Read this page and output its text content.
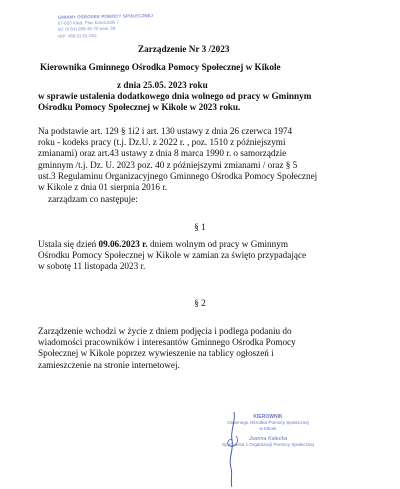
GMINNY OŚRODEK POMOCY SPOŁECZNEJ
87-620 Kikół, Plac Kościuszki 7
tel. (0-54) 289-46-70 wew. 39
NIP: 466-01-81-552
Zarządzenie Nr 3 /2023
Kierownika Gminnego Ośrodka Pomocy Społecznej w Kikole
z dnia 25.05. 2023 roku
w sprawie ustalenia dodatkowego dnia wolnego od pracy w Gminnym
Ośrodku Pomocy Społecznej w Kikole w 2023 roku.
Na podstawie art. 129 § 1i2 i art. 130 ustawy z dnia 26 czerwca 1974
roku - kodeks pracy (t.j. Dz.U. z 2022 r. , poz. 1510 z późniejszymi
zmianami) oraz art.43 ustawy z dnia 8 marca 1990 r. o samorządzie
gminnym /t.j. Dz. U. 2023 poz. 40 z późniejszymi zmianami / oraz § 5
ust.3 Regulaminu Organizacyjnego Gminnego Ośrodka Pomocy Społecznej
w Kikole z dnia 01 sierpnia 2016 r.
zarządzam co następuje:
§ 1
Ustala się dzień 09.06.2023 r. dniem wolnym od pracy w Gminnym
Ośrodku Pomocy Społecznej w Kikole w zamian za święto przypadające
w sobotę 11 listopada 2023 r.
§ 2
Zarządzenie wchodzi w życie z dniem podjęcia i podlega podaniu do
wiadomości pracowników i interesantów Gminnego Ośrodka Pomocy
Społecznej w Kikole poprzez wywieszenie na tablicy ogłoszeń i
zamieszczenie na stronie internetowej.
KIEROWNIK
Gminnego Ośrodka Pomocy Społecznej
w Kikole
Joanna Kalecka
Specjalista z Organizacji Pomocy Społecznej
